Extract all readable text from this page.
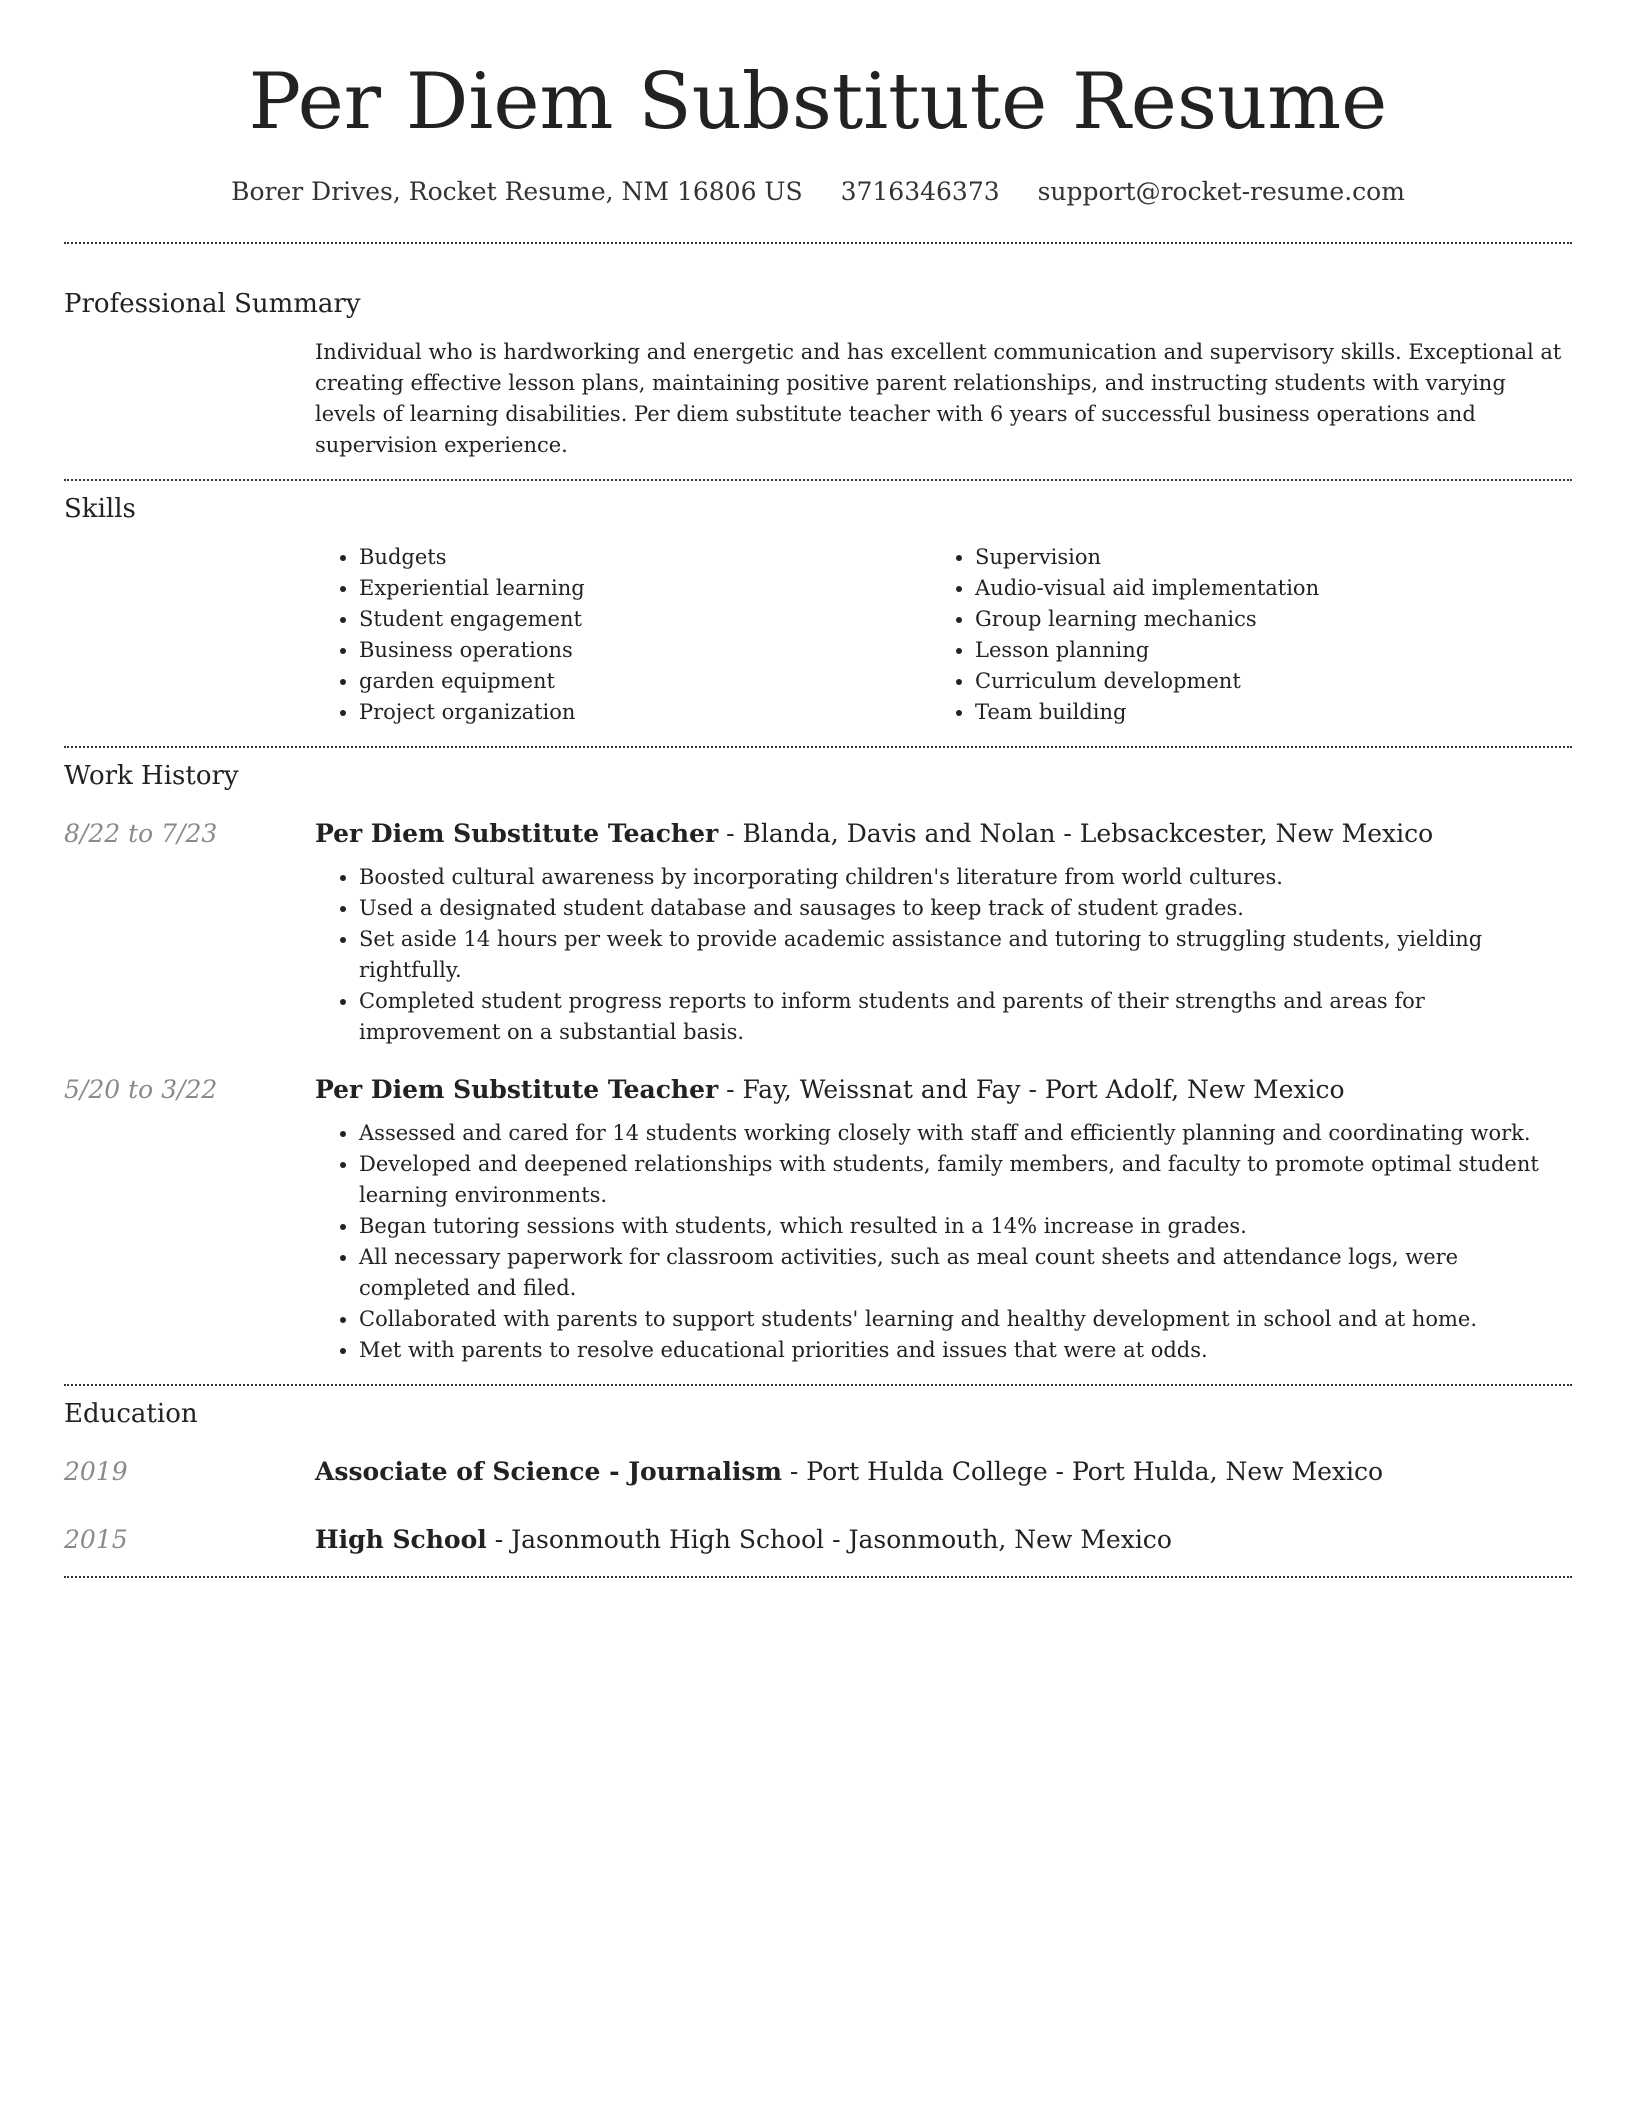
Per Diem Substitute Resume
Borer Drives, Rocket Resume, NM 16806 US 3716346373 support@rocket-resume.com
Professional Summary

Individual who is hardworking and energetic and has excellent communication and supervisory skills. Exceptional at creating effective lesson plans, maintaining positive parent relationships, and instructing students with varying levels of learning disabilities. Per diem substitute teacher with 6 years of successful business operations and supervision experience.

Skills
• Budgets
• Experiential learning
• Student engagement
• Business operations
• garden equipment
• Project organization
• Supervision
• Audio-visual aid implementation
• Group learning mechanics
• Lesson planning
• Curriculum development
• Team building
Work History
8/22 to 7/23	Per Diem Substitute Teacher - Blanda, Davis and Nolan - Lebsackcester, New Mexico

• Boosted cultural awareness by incorporating children's literature from world cultures.
• Used a designated student database and sausages to keep track of student grades.
• Set aside 14 hours per week to provide academic assistance and tutoring to struggling students, yielding rightfully.
• Completed student progress reports to inform students and parents of their strengths and areas for improvement on a substantial basis.
5/20 to 3/22	Per Diem Substitute Teacher - Fay, Weissnat and Fay - Port Adolf, New Mexico

• Assessed and cared for 14 students working closely with staff and efficiently planning and coordinating work.
• Developed and deepened relationships with students, family members, and faculty to promote optimal student learning environments.
• Began tutoring sessions with students, which resulted in a 14% increase in grades.
• All necessary paperwork for classroom activities, such as meal count sheets and attendance logs, were completed and filed.
• Collaborated with parents to support students' learning and healthy development in school and at home.
• Met with parents to resolve educational priorities and issues that were at odds.
Education
2019	Associate of Science - Journalism - Port Hulda College - Port Hulda, New Mexico

2015	High School - Jasonmouth High School - Jasonmouth, New Mexico
